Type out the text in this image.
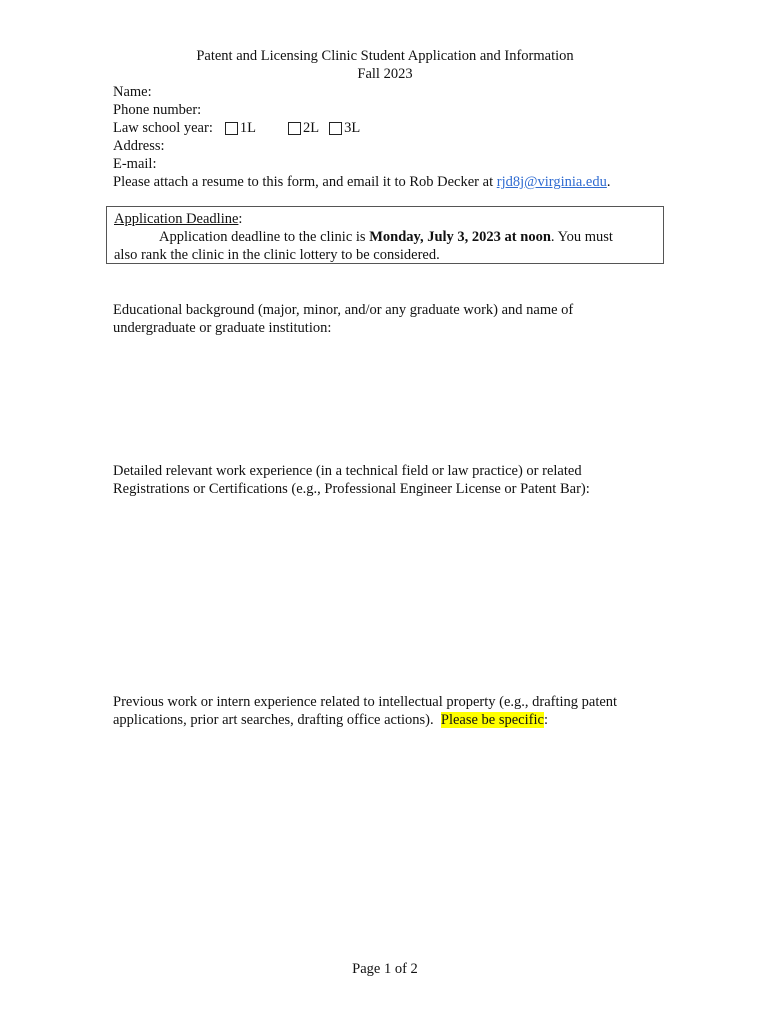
Patent and Licensing Clinic Student Application and Information
Fall 2023
Name:
Phone number:
Law school year: 1L	2L 3L
Address:
E-mail:
Please attach a resume to this form, and email it to Rob Decker at rjd8j@virginia.edu.
Application Deadline:
Application deadline to the clinic is Monday, July 3, 2023 at noon. You must
also rank the clinic in the clinic lottery to be considered.
Educational background (major, minor, and/or any graduate work) and name of
undergraduate or graduate institution:
Detailed relevant work experience (in a technical field or law practice) or related
Registrations or Certifications (e.g., Professional Engineer License or Patent Bar):
Previous work or intern experience related to intellectual property (e.g., drafting patent
applications, prior art searches, drafting office actions).  Please be specific:
Page 1 of 2
